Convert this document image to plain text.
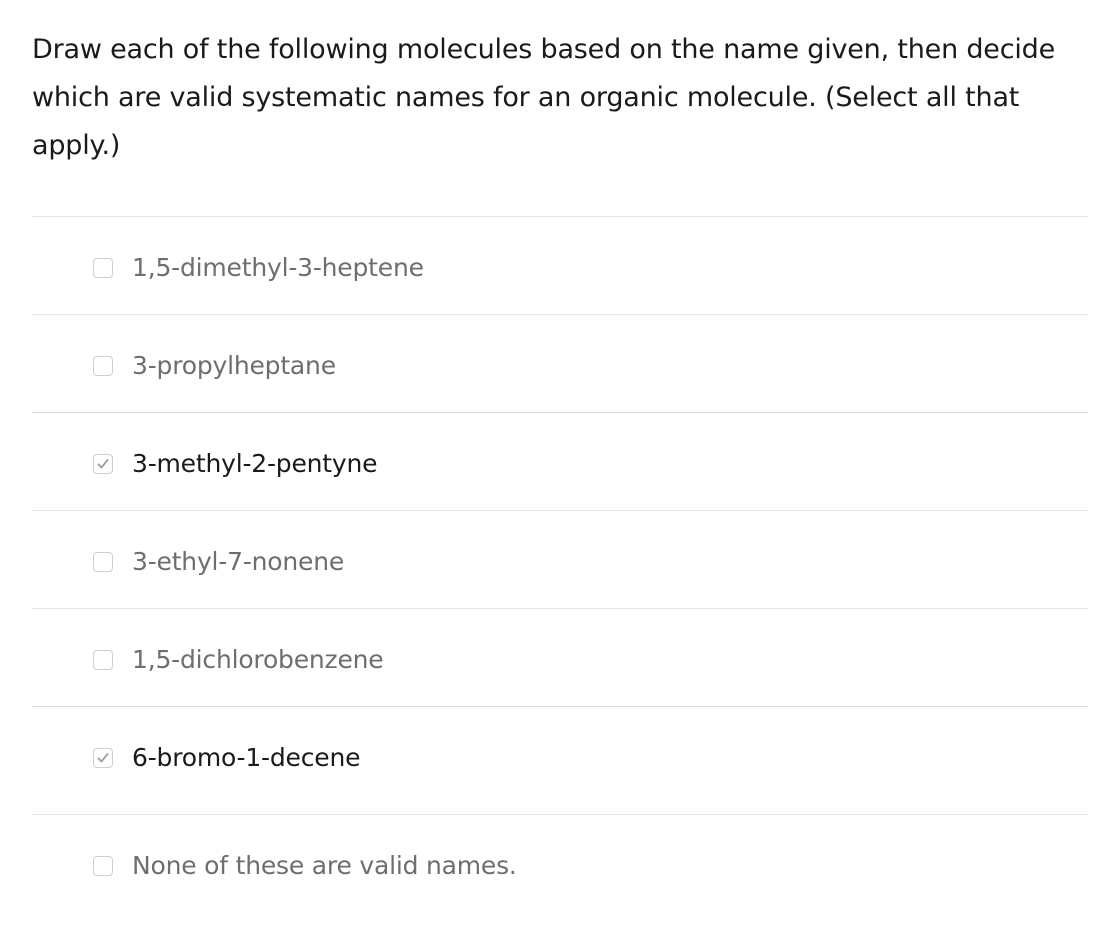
Draw each of the following molecules based on the name given, then decide which are valid systematic names for an organic molecule. (Select all that apply.)

1,5-dimethyl-3-heptene
3-propylheptane
3-methyl-2-pentyne
3-ethyl-7-nonene
1,5-dichlorobenzene
6-bromo-1-decene
None of these are valid names.
